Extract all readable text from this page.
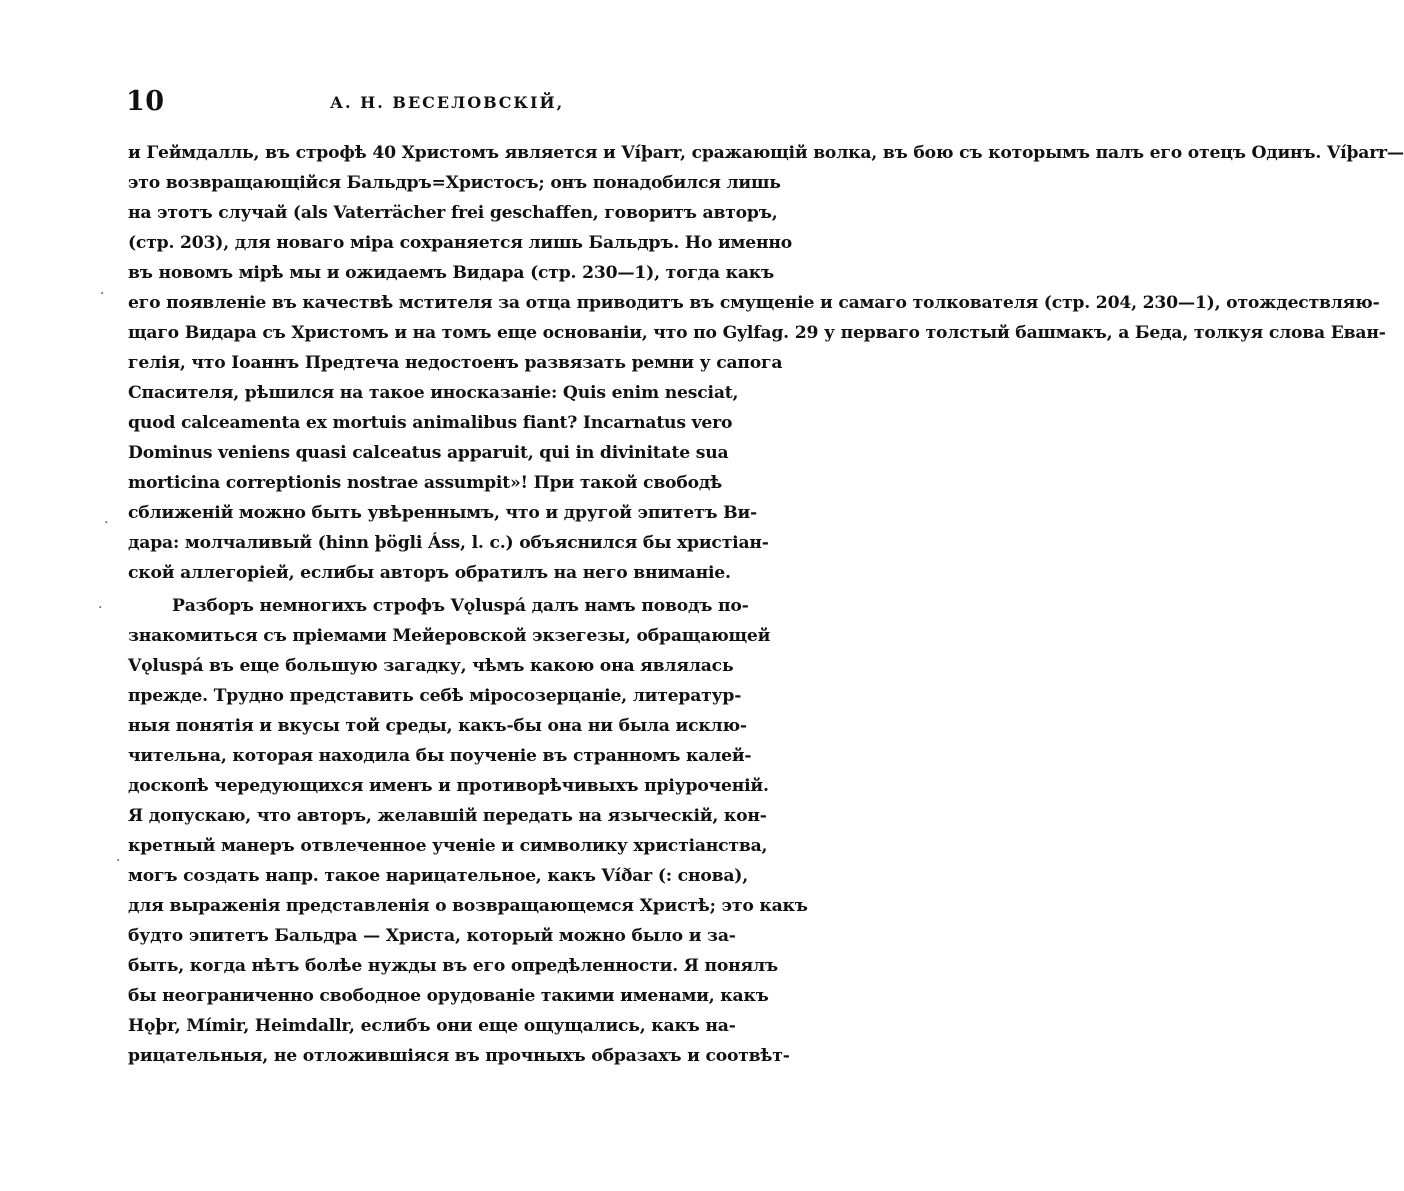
10	А. Н. ВЕСЕЛОВСКІЙ,
и Геймдалль, въ строфѣ 40 Христомъ является и Víþarr, сражающій волка, въ бою съ которымъ палъ его отецъ Одинъ. Víþarr—
это возвращающійся Бальдръ=Христосъ; онъ понадобился лишь
на этотъ случай (als Vaterrächer frei geschaffen, говоритъ авторъ,
(стр. 203), для новаго міра сохраняется лишь Бальдръ. Но именно
въ новомъ мірѣ мы и ожидаемъ Видара (стр. 230—1), тогда какъ
его появленіе въ качествѣ мстителя за отца приводитъ въ смущеніе и самаго толкователя (стр. 204, 230—1), отождествляю-
щаго Видара съ Христомъ и на томъ еще основаніи, что по Gylfag. 29 у перваго толстый башмакъ, а Беда, толкуя слова Еван-
гелія, что Іоаннъ Предтеча недостоенъ развязать ремни у сапога
Спасителя, рѣшился на такое иносказаніе: Quis enim nesciat,
quod calceamenta ex mortuis animalibus fiant? Incarnatus vero
Dominus veniens quasi calceatus apparuit, qui in divinitate sua
morticina correptionis nostrae assumpit»! При такой свободѣ
сближеній можно быть увѣреннымъ, что и другой эпитетъ Ви-
дара: молчаливый (hinn þögli Áss, l. c.) объяснился бы христіан-
ской аллегоріей, еслибы авторъ обратилъ на него вниманіе.
Разборъ немногихъ строфъ Vǫluspá далъ намъ поводъ по-
знакомиться съ пріемами Мейеровской экзегезы, обращающей
Vǫluspá въ еще большую загадку, чѣмъ какою она являлась
прежде. Трудно представить себѣ міросозерцаніе, литератур-
ныя понятія и вкусы той среды, какъ-бы она ни была исклю-
чительна, которая находила бы поученіе въ странномъ калей-
доскопѣ чередующихся именъ и противорѣчивыхъ пріуроченій.
Я допускаю, что авторъ, желавшій передать на языческій, кон-
кретный манеръ отвлеченное ученіе и символику христіанства,
могъ создать напр. такое нарицательное, какъ Víðar (: снова),
для выраженія представленія о возвращающемся Христѣ; это какъ
будто эпитетъ Бальдра — Христа, который можно было и за-
быть, когда нѣтъ болѣе нужды въ его опредѣленности. Я понялъ
бы неограниченно свободное орудованіе такими именами, какъ
Hǫþr, Mímir, Heimdallr, еслибъ они еще ощущались, какъ на-
рицательныя, не отложившіяся въ прочныхъ образахъ и соотвѣт-
·
·
·
·
